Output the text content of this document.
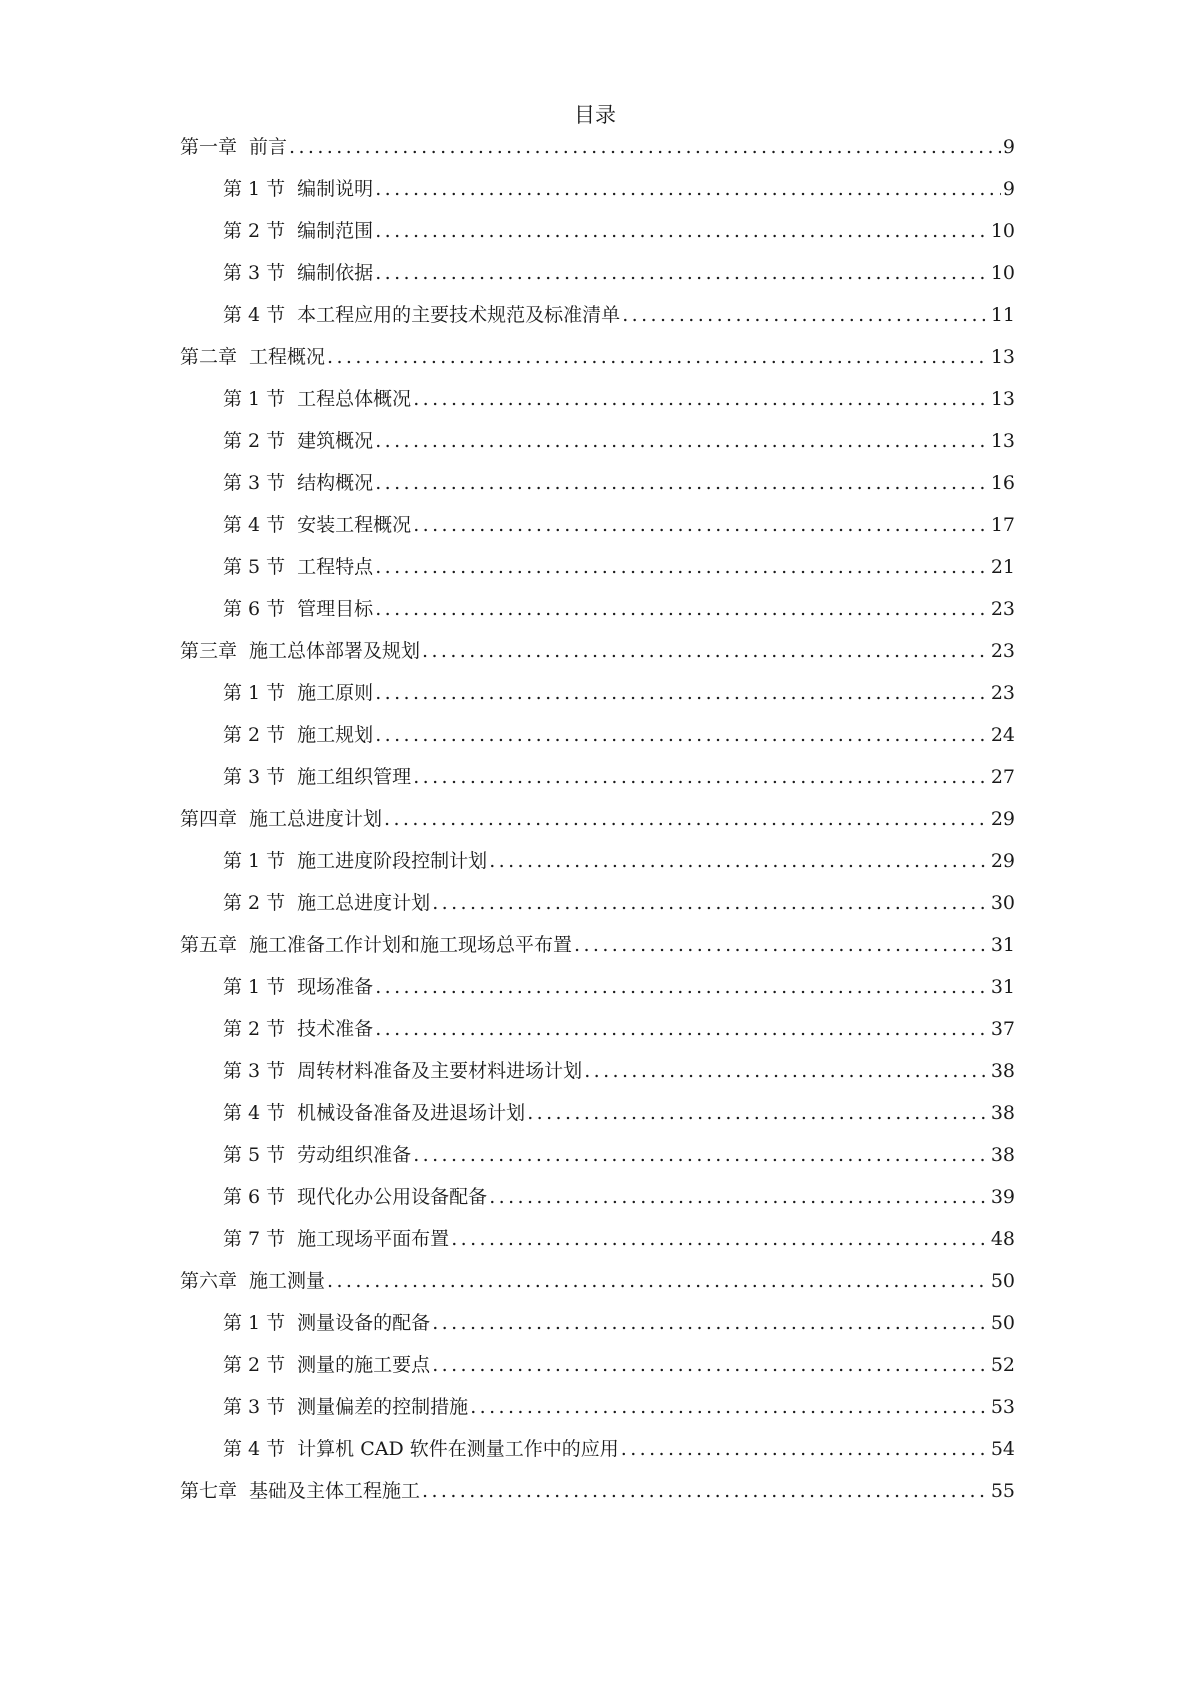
目录
第一章 前言 .....	9
第 1 节 编制说明 .....	9
第 2 节 编制范围 .....	10
第 3 节 编制依据 .....	10
第 4 节 本工程应用的主要技术规范及标准清单 .....	11
第二章 工程概况 .....	13
第 1 节 工程总体概况 .....	13
第 2 节 建筑概况 .....	13
第 3 节 结构概况 .....	16
第 4 节 安装工程概况 .....	17
第 5 节 工程特点 .....	21
第 6 节 管理目标 .....	23
第三章 施工总体部署及规划 .....	23
第 1 节 施工原则 .....	23
第 2 节 施工规划 .....	24
第 3 节 施工组织管理 .....	27
第四章 施工总进度计划 .....	29
第 1 节 施工进度阶段控制计划 .....	29
第 2 节 施工总进度计划 .....	30
第五章 施工准备工作计划和施工现场总平布置 .....	31
第 1 节 现场准备 .....	31
第 2 节 技术准备 .....	37
第 3 节 周转材料准备及主要材料进场计划 .....	38
第 4 节 机械设备准备及进退场计划 .....	38
第 5 节 劳动组织准备 .....	38
第 6 节 现代化办公用设备配备 .....	39
第 7 节 施工现场平面布置 .....	48
第六章 施工测量 .....	50
第 1 节 测量设备的配备 .....	50
第 2 节 测量的施工要点 .....	52
第 3 节 测量偏差的控制措施 .....	53
第 4 节 计算机 CAD 软件在测量工作中的应用 .....	54
第七章 基础及主体工程施工 .....	55
